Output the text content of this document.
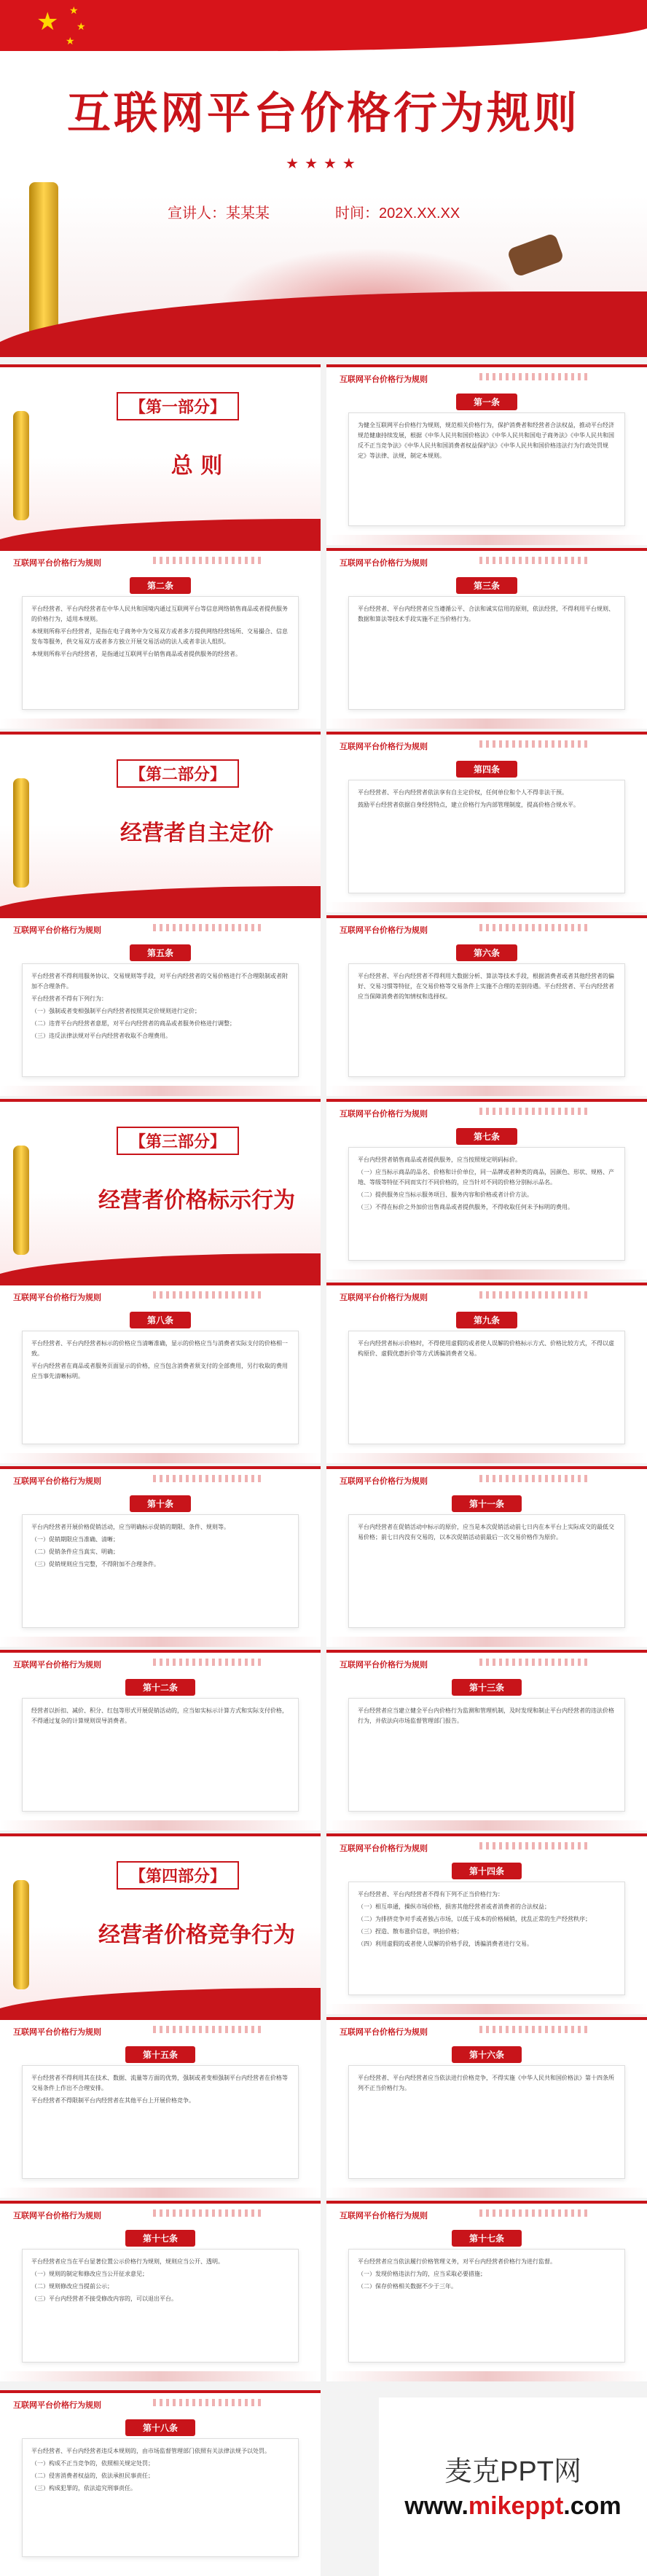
★ ★
★
★
互联网平台价格行为规则
★★★★
宣讲人：某某某	时间：202X.XX.XX
【第一部分】
总 则
互联网平台价格行为规则
第一条

为健全互联网平台价格行为规则，规范相关价格行为，保护消费者和经营者合法权益，推动平台经济规范健康持续发展，根据《中华人民共和国价格法》《中华人民共和国电子商务法》《中华人民共和国反不正当竞争法》《中华人民共和国消费者权益保护法》《中华人民共和国价格违法行为行政处罚规定》等法律、法规，制定本规则。

互联网平台价格行为规则
第二条

平台经营者、平台内经营者在中华人民共和国境内通过互联网平台等信息网络销售商品或者提供服务的价格行为，适用本规则。

本规则所称平台经营者，是指在电子商务中为交易双方或者多方提供网络经营场所、交易撮合、信息发布等服务，供交易双方或者多方独立开展交易活动的法人或者非法人组织。

本规则所称平台内经营者，是指通过互联网平台销售商品或者提供服务的经营者。

互联网平台价格行为规则
第三条

平台经营者、平台内经营者应当遵循公平、合法和诚实信用的原则，依法经营，不得利用平台规则、数据和算法等技术手段实施不正当价格行为。

【第二部分】
经营者自主定价
互联网平台价格行为规则
第四条

平台经营者、平台内经营者依法享有自主定价权，任何单位和个人不得非法干预。

鼓励平台经营者依据自身经营特点，建立价格行为内部管理制度，提高价格合规水平。

互联网平台价格行为规则
第五条

平台经营者不得利用服务协议、交易规则等手段，对平台内经营者的交易价格进行不合理限制或者附加不合理条件。

平台经营者不得有下列行为：

（一）强制或者变相强制平台内经营者按照其定价规则进行定价；

（二）违背平台内经营者意愿，对平台内经营者的商品或者服务价格进行调整；

（三）违反法律法规对平台内经营者收取不合理费用。

互联网平台价格行为规则
第六条

平台经营者、平台内经营者不得利用大数据分析、算法等技术手段，根据消费者或者其他经营者的偏好、交易习惯等特征，在交易价格等交易条件上实施不合理的差别待遇。平台经营者、平台内经营者应当保障消费者的知情权和选择权。

【第三部分】
经营者价格标示行为
互联网平台价格行为规则
第七条

平台内经营者销售商品或者提供服务，应当按照规定明码标价。

（一）应当标示商品的品名、价格和计价单位，同一品牌或者种类的商品，因颜色、形状、规格、产地、等级等特征不同而实行不同价格的，应当针对不同的价格分别标示品名。

（二）提供服务应当标示服务项目、服务内容和价格或者计价方法。

（三）不得在标价之外加价出售商品或者提供服务，不得收取任何未予标明的费用。

互联网平台价格行为规则
第八条

平台经营者、平台内经营者标示的价格应当清晰准确，显示的价格应当与消费者实际支付的价格相一致。

平台内经营者在商品或者服务页面显示的价格，应当包含消费者须支付的全部费用，另行收取的费用应当事先清晰标明。

互联网平台价格行为规则
第九条

平台内经营者标示价格时，不得使用虚假的或者使人误解的价格标示方式、价格比较方式，不得以虚构原价、虚假优惠折价等方式诱骗消费者交易。

互联网平台价格行为规则
第十条

平台内经营者开展价格促销活动，应当明确标示促销的期限、条件、规则等。

（一）促销期限应当准确、清晰；

（二）促销条件应当真实、明确；

（三）促销规则应当完整，不得附加不合理条件。

互联网平台价格行为规则
第十一条

平台内经营者在促销活动中标示的原价，应当是本次促销活动前七日内在本平台上实际成交的最低交易价格；前七日内没有交易的，以本次促销活动前最后一次交易价格作为原价。

互联网平台价格行为规则
第十二条

经营者以折扣、减价、积分、红包等形式开展促销活动的，应当如实标示计算方式和实际支付价格，不得通过复杂的计算规则误导消费者。

互联网平台价格行为规则
第十三条

平台经营者应当建立健全平台内价格行为监测和管理机制，及时发现和制止平台内经营者的违法价格行为，并依法向市场监督管理部门报告。

【第四部分】
经营者价格竞争行为
互联网平台价格行为规则
第十四条

平台经营者、平台内经营者不得有下列不正当价格行为：

（一）相互串通，操纵市场价格，损害其他经营者或者消费者的合法权益；

（二）为排挤竞争对手或者独占市场，以低于成本的价格倾销，扰乱正常的生产经营秩序；

（三）捏造、散布涨价信息，哄抬价格；

（四）利用虚假的或者使人误解的价格手段，诱骗消费者进行交易。

互联网平台价格行为规则
第十五条

平台经营者不得利用其在技术、数据、流量等方面的优势，强制或者变相强制平台内经营者在价格等交易条件上作出不合理安排。

平台经营者不得限制平台内经营者在其他平台上开展价格竞争。

互联网平台价格行为规则
第十六条

平台经营者、平台内经营者应当依法进行价格竞争，不得实施《中华人民共和国价格法》第十四条所列不正当价格行为。

互联网平台价格行为规则
第十七条

平台经营者应当在平台显著位置公示价格行为规则，规则应当公开、透明。

（一）规则的制定和修改应当公开征求意见；

（二）规则修改应当提前公示；

（三）平台内经营者不接受修改内容的，可以退出平台。

互联网平台价格行为规则
第十七条

平台经营者应当依法履行价格管理义务，对平台内经营者价格行为进行监督。

（一）发现价格违法行为的，应当采取必要措施；

（二）保存价格相关数据不少于三年。

互联网平台价格行为规则
第十八条

平台经营者、平台内经营者违反本规则的，由市场监督管理部门依照有关法律法规予以处罚。

（一）构成不正当竞争的，依照相关规定处罚；

（二）侵害消费者权益的，依法承担民事责任；

（三）构成犯罪的，依法追究刑事责任。

麦克PPT网
www.mikeppt.com
